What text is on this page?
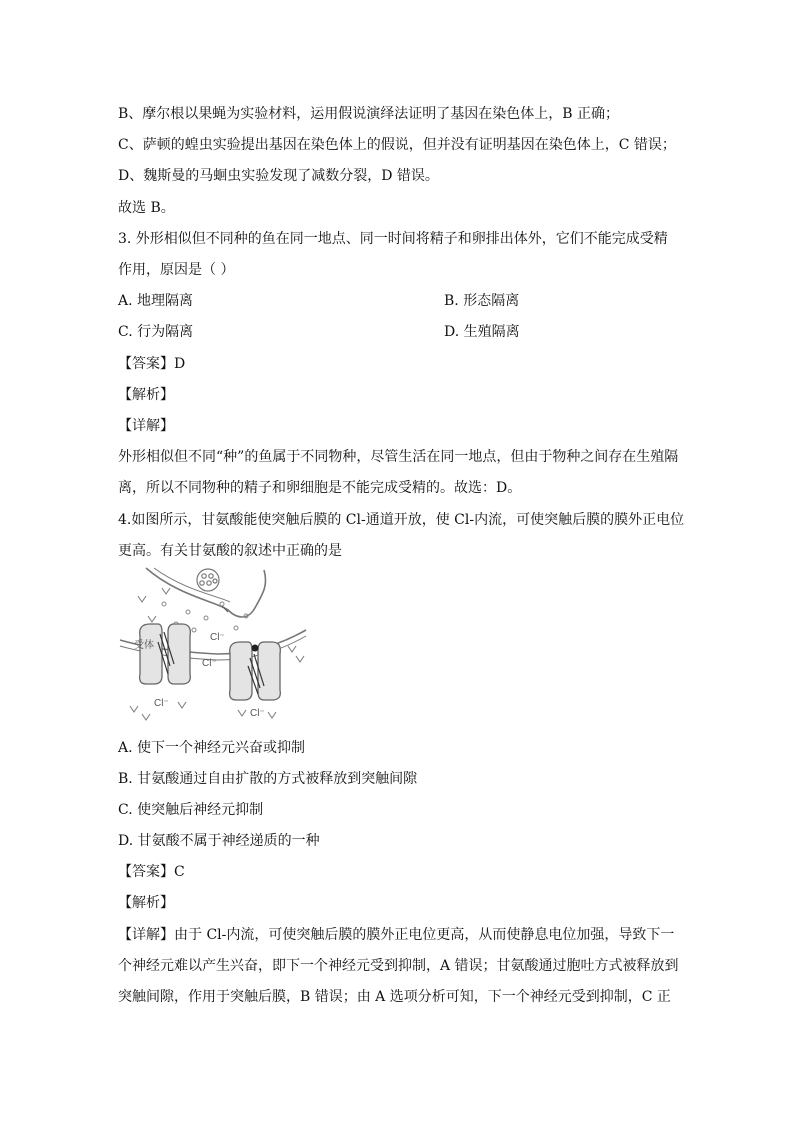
B、摩尔根以果蝇为实验材料，运用假说演绎法证明了基因在染色体上，B 正确；
C、萨顿的蝗虫实验提出基因在染色体上的假说，但并没有证明基因在染色体上，C 错误；
D、魏斯曼的马蛔虫实验发现了减数分裂，D 错误。
故选 B。
3. 外形相似但不同种的鱼在同一地点、同一时间将精子和卵排出体外，它们不能完成受精
作用，原因是（ ）
A. 地理隔离	B. 形态隔离
C. 行为隔离	D. 生殖隔离
【答案】D
【解析】
【详解】
外形相似但不同“种”的鱼属于不同物种，尽管生活在同一地点，但由于物种之间存在生殖隔
离，所以不同物种的精子和卵细胞是不能完成受精的。故选：D。
4.如图所示，甘氨酸能使突触后膜的 Cl-通道开放，使 Cl-内流，可使突触后膜的膜外正电位
更高。有关甘氨酸的叙述中正确的是
受体
Cl⁻
Cl⁻
Cl⁻
Cl⁻
A. 使下一个神经元兴奋或抑制
B. 甘氨酸通过自由扩散的方式被释放到突触间隙
C. 使突触后神经元抑制
D. 甘氨酸不属于神经递质的一种
【答案】C
【解析】
【详解】由于 Cl-内流，可使突触后膜的膜外正电位更高，从而使静息电位加强，导致下一
个神经元难以产生兴奋，即下一个神经元受到抑制，A 错误；甘氨酸通过胞吐方式被释放到
突触间隙，作用于突触后膜，B 错误；由 A 选项分析可知，下一个神经元受到抑制，C 正
